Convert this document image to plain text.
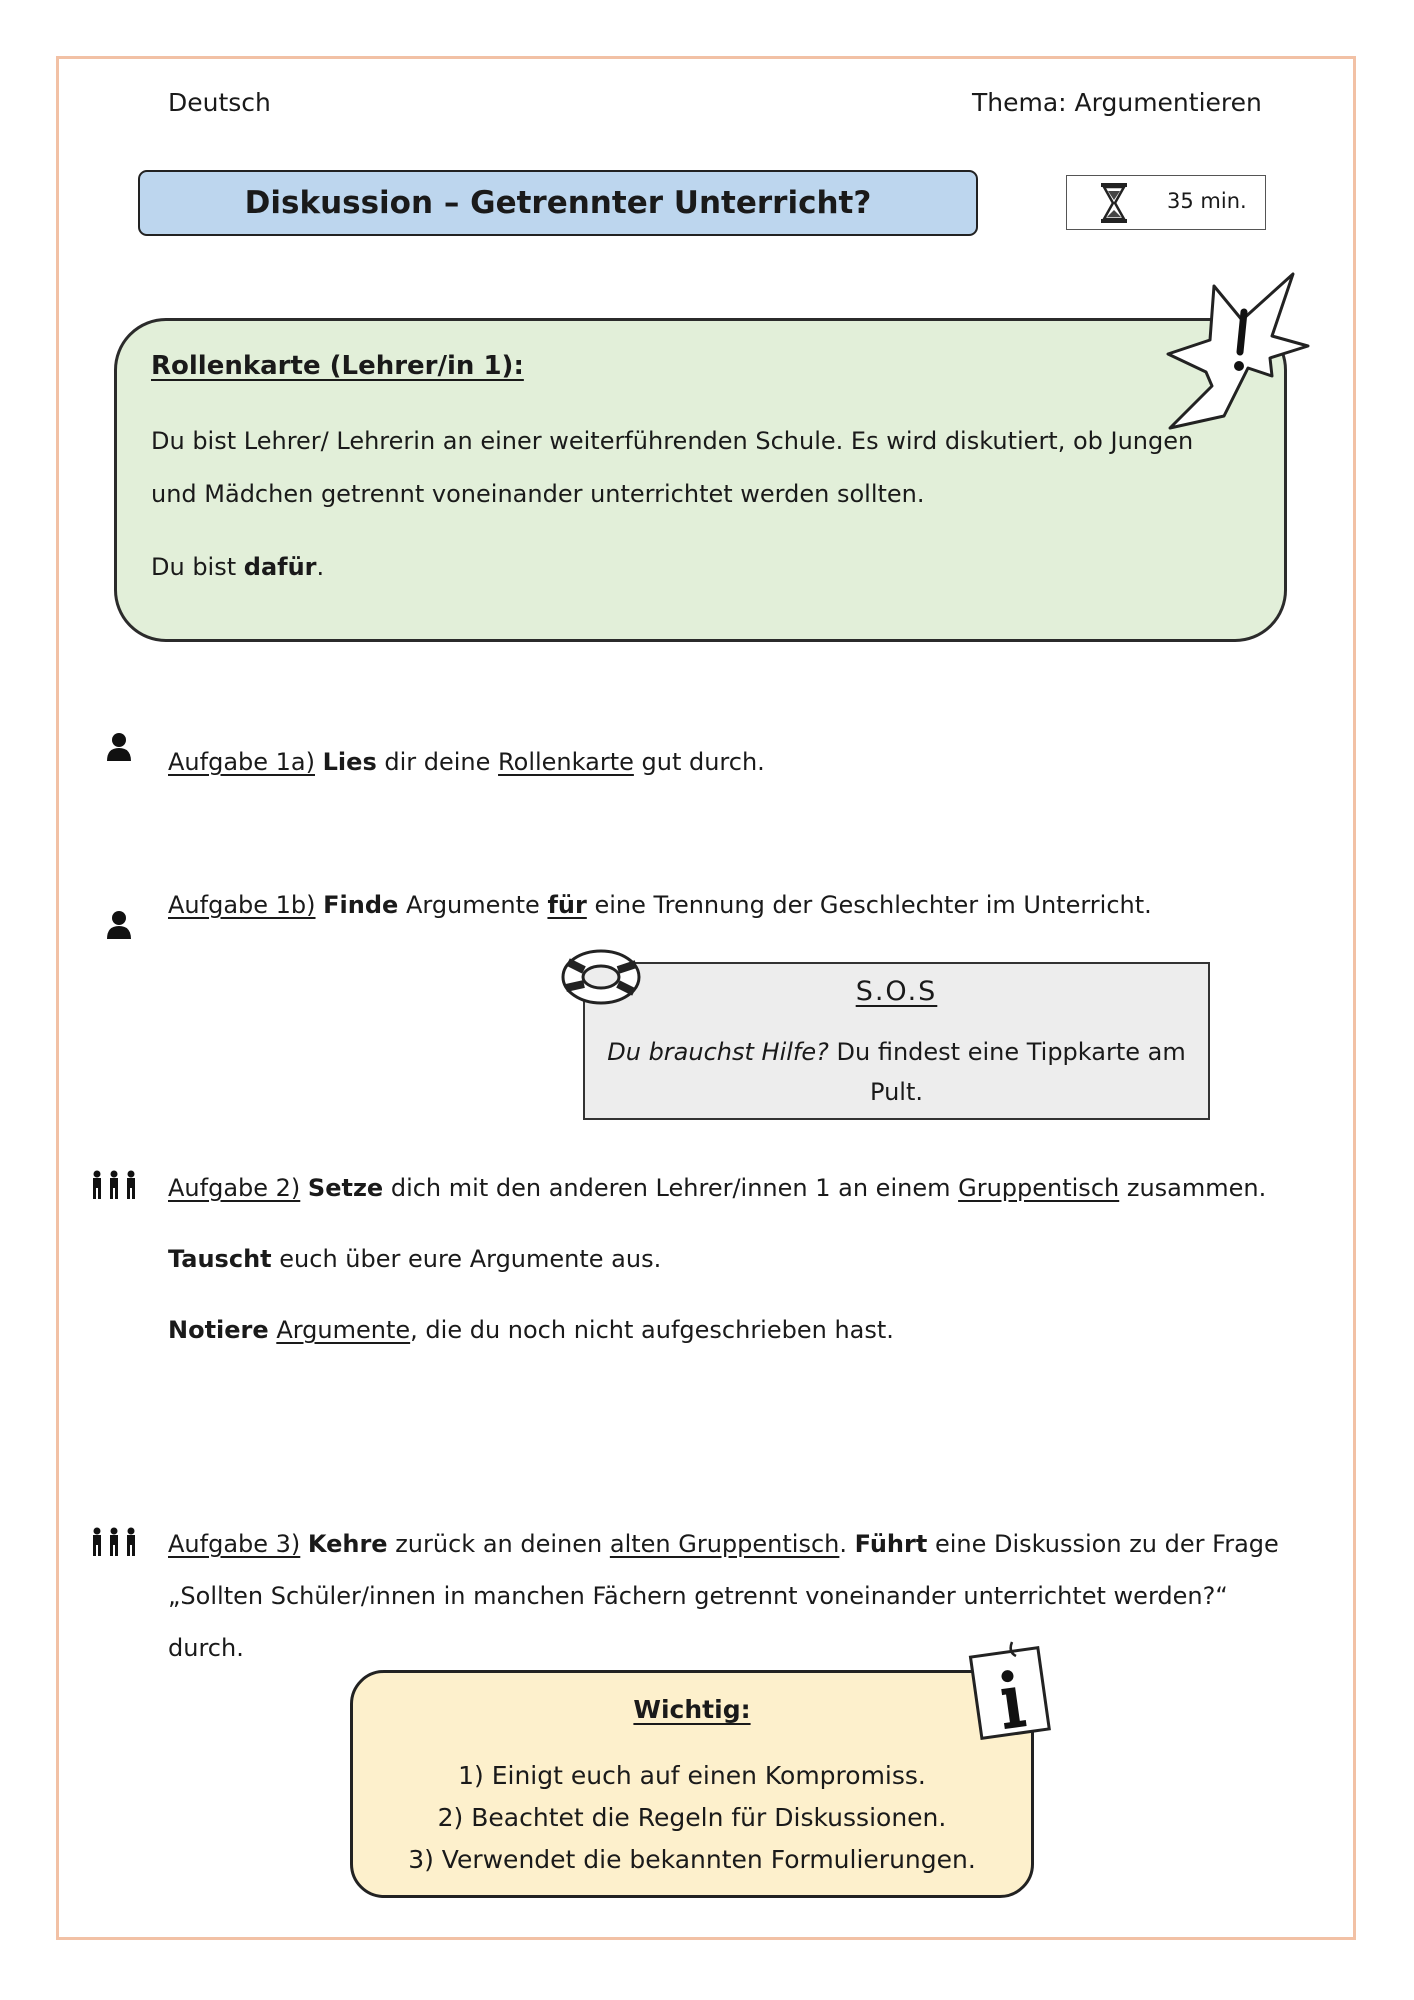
Deutsch	Thema: Argumentieren
Diskussion – Getrennter Unterricht?	35 min.
Rollenkarte (Lehrer/in 1):
Du bist Lehrer/ Lehrerin an einer weiterführenden Schule. Es wird diskutiert, ob Jungen
und Mädchen getrennt voneinander unterrichtet werden sollten.
Du bist dafür.
Aufgabe 1a) Lies dir deine Rollenkarte gut durch.
Aufgabe 1b) Finde Argumente für eine Trennung der Geschlechter im Unterricht.
S.O.S
Du brauchst Hilfe? Du findest eine Tippkarte am Pult.
Aufgabe 2) Setze dich mit den anderen Lehrer/innen 1 an einem Gruppentisch zusammen.
Tauscht euch über eure Argumente aus.
Notiere Argumente, die du noch nicht aufgeschrieben hast.
Aufgabe 3) Kehre zurück an deinen alten Gruppentisch. Führt eine Diskussion zu der Frage
„Sollten Schüler/innen in manchen Fächern getrennt voneinander unterrichtet werden?“
durch.
Wichtig:
1) Einigt euch auf einen Kompromiss.
2) Beachtet die Regeln für Diskussionen.
3) Verwendet die bekannten Formulierungen.
